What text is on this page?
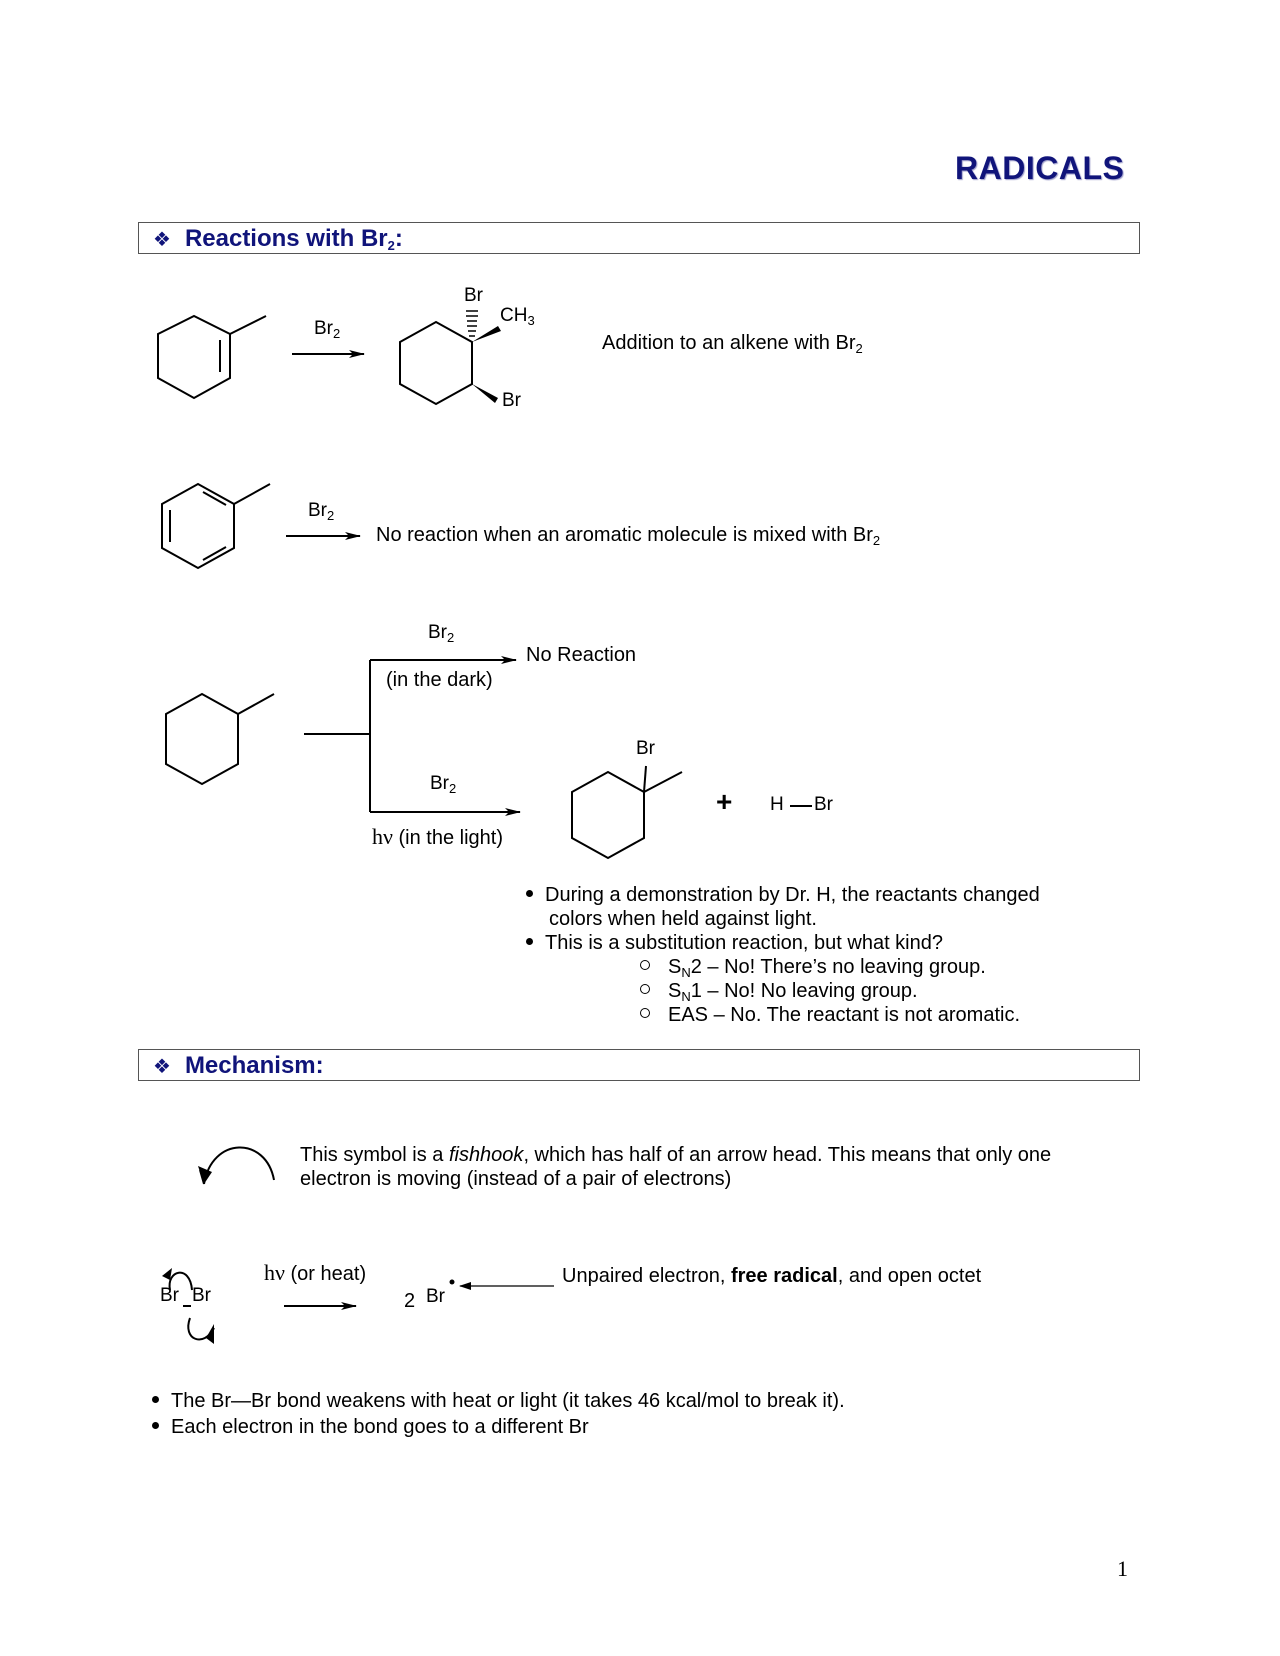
RADICALS
❖ Reactions with $Br_2$:
Br
$CH_3$
Br
$Br_2$	Addition to an alkene with $Br_2$
$Br_2$
No reaction when an aromatic molecule is mixed with $Br_2$
$Br_2$
(in the dark)
No Reaction
$Br_2$
hν (in the light)
Br
+ H Br
During a demonstration by Dr. H, the reactants changed
colors when held against light.
This is a substitution reaction, but what kind?
$S_N2$ – No! There’s no leaving group.
$S_N1$ – No! No leaving group.
EAS – No. The reactant is not aromatic.
❖ Mechanism:
This symbol is a fishhook, which has half of an arrow head. This means that only one
electron is moving (instead of a pair of electrons)
Br Br
hν (or heat)
2 Br
Unpaired electron, free radical, and open octet
The Br—Br bond weakens with heat or light (it takes 46 kcal/mol to break it).
Each electron in the bond goes to a different Br
1
